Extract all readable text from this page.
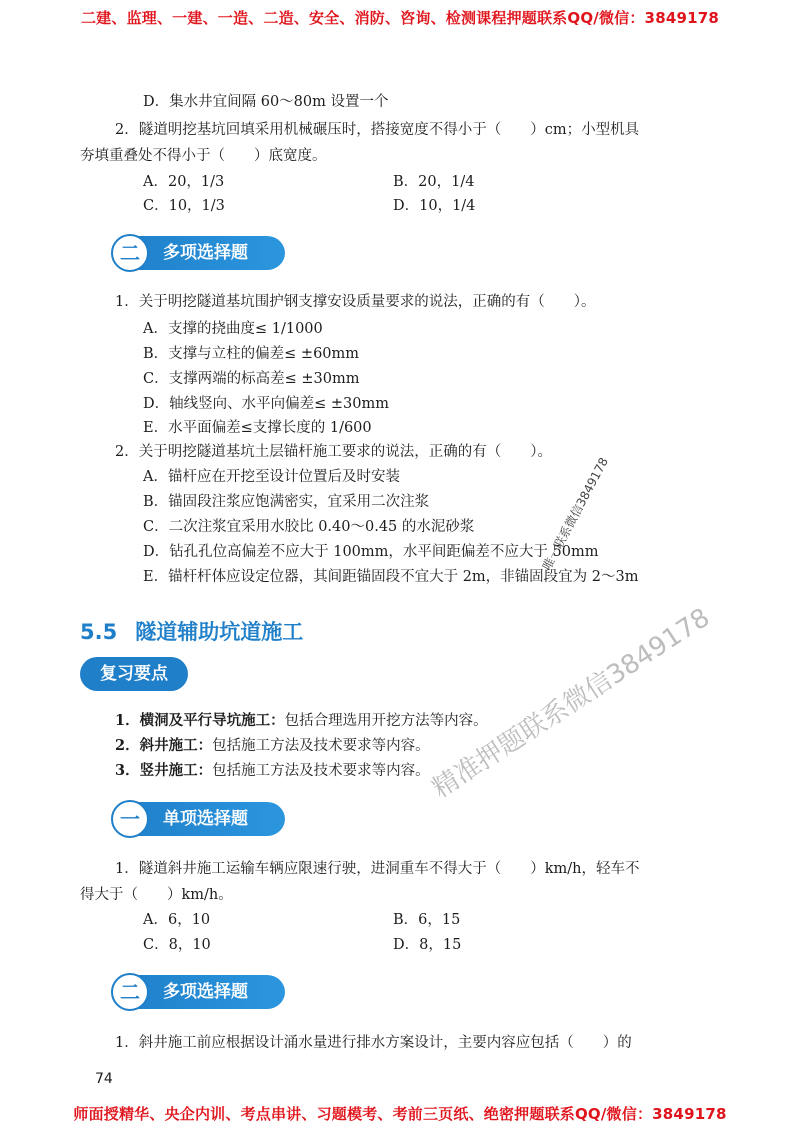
二建、监理、一建、一造、二造、安全、消防、咨询、检测课程押题联系QQ/微信：3849178
D．集水井宜间隔 60～80m 设置一个
2．隧道明挖基坑回填采用机械碾压时，搭接宽度不得小于（　　）cm；小型机具
夯填重叠处不得小于（　　）底宽度。
A．20，1/3	B．20，1/4
C．10，1/3	D．10，1/4
二	多项选择题
1．关于明挖隧道基坑围护钢支撑安设质量要求的说法，正确的有（　　）。
A．支撑的挠曲度≤ 1/1000
B．支撑与立柱的偏差≤ ±60mm
C．支撑两端的标高差≤ ±30mm
D．轴线竖向、水平向偏差≤ ±30mm
E．水平面偏差≤支撑长度的 1/600
2．关于明挖隧道基坑土层锚杆施工要求的说法，正确的有（　　）。
A．锚杆应在开挖至设计位置后及时安装
B．锚固段注浆应饱满密实，宜采用二次注浆
C．二次注浆宜采用水胶比 0.40～0.45 的水泥砂浆
D．钻孔孔位高偏差不应大于 100mm，水平间距偏差不应大于 50mm
E．锚杆杆体应设定位器，其间距锚固段不宜大于 2m，非锚固段宜为 2～3m
5.5 隧道辅助坑道施工
复习要点
1．横洞及平行导坑施工：包括合理选用开挖方法等内容。
2．斜井施工：包括施工方法及技术要求等内容。
3．竖井施工：包括施工方法及技术要求等内容。
一	单项选择题
1．隧道斜井施工运输车辆应限速行驶，进洞重车不得大于（　　）km/h，轻车不
得大于（　　）km/h。
A．6，10	B．6，15
C．8，10	D．8，15
二	多项选择题
1．斜井施工前应根据设计涌水量进行排水方案设计，主要内容应包括（　　）的
74
唯一联系微信3849178
精准押题联系微信3849178
师面授精华、央企内训、考点串讲、习题模考、考前三页纸、绝密押题联系QQ/微信：3849178
